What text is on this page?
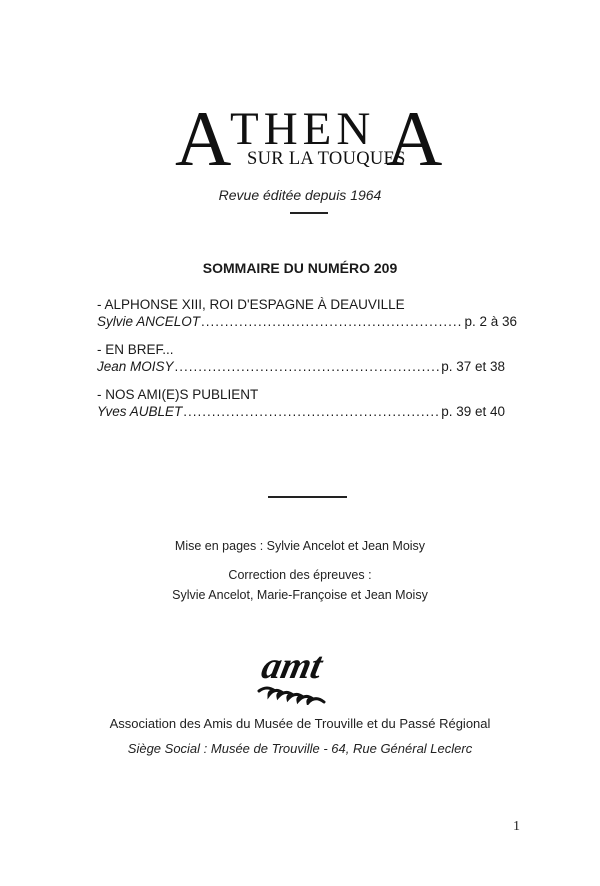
A
THEN A
SUR LA TOUQUES
Revue éditée depuis 1964
SOMMAIRE DU NUMÉRO 209
- ALPHONSE XIII, ROI D'ESPAGNE À DEAUVILLE
Sylvie ANCELOT .....	p. 2 à 36
- EN BREF...
Jean MOISY .....	p. 37 et 38
- NOS AMI(E)S PUBLIENT
Yves AUBLET .....	p. 39 et 40
Mise en pages : Sylvie Ancelot et Jean Moisy
Correction des épreuves :
Sylvie Ancelot, Marie-Françoise et Jean Moisy
amt
Association des Amis du Musée de Trouville et du Passé Régional
Siège Social : Musée de Trouville - 64, Rue Général Leclerc
1
